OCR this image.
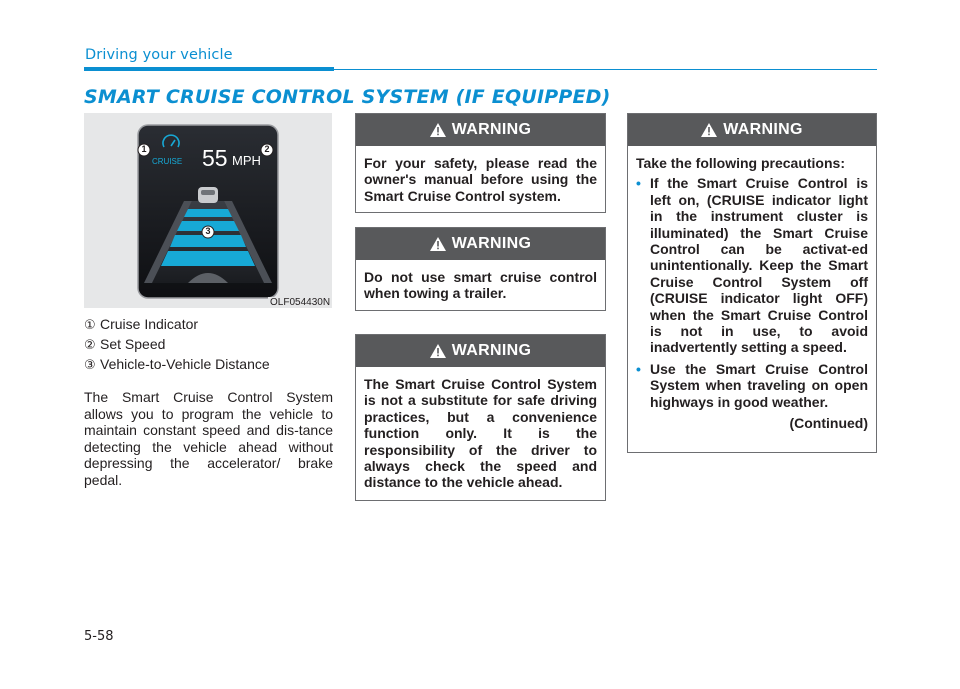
Driving your vehicle
SMART CRUISE CONTROL SYSTEM (IF EQUIPPED)
CRUISE 55 MPH
1	2
3
OLF054430N
① Cruise Indicator
② Set Speed
③ Vehicle-to-Vehicle Distance

The Smart Cruise Control System allows you to program the vehicle to maintain constant speed and dis-tance detecting the vehicle ahead without depressing the accelerator/ brake pedal.

WARNING

For your safety, please read the owner's manual before using the Smart Cruise Control system.

WARNING

Do not use smart cruise control when towing a trailer.

WARNING

The Smart Cruise Control System is not a substitute for safe driving practices, but a convenience function only. It is the responsibility of the driver to always check the speed and distance to the vehicle ahead.

WARNING
Take the following precautions:
• If the Smart Cruise Control is left on, (CRUISE indicator light in the instrument cluster is illuminated) the Smart Cruise Control can be activat-ed unintentionally. Keep the Smart Cruise Control System off (CRUISE indicator light OFF) when the Smart Cruise Control is not in use, to avoid inadvertently setting a speed.
• Use the Smart Cruise Control System when traveling on open highways in good weather.
(Continued)
5-58
